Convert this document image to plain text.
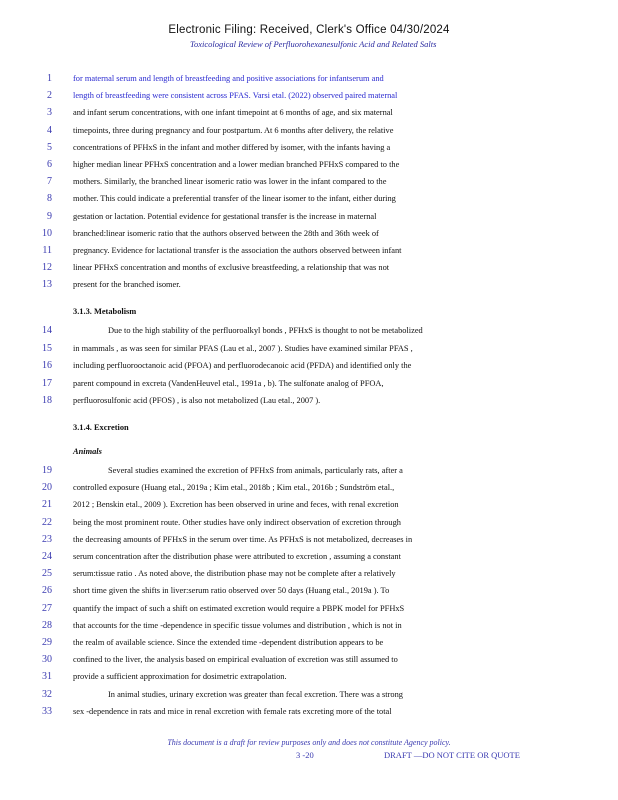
Electronic Filing: Received, Clerk's Office 04/30/2024
Toxicological Review of Perfluorohexanesulfonic Acid and Related Salts
1	for maternal serum and length of breastfeeding and positive associations for infantserum and
2	length of breastfeeding were consistent across PFAS. Varsi etal. (2022) observed paired maternal
3	and infant serum concentrations, with one infant timepoint at 6 months of age, and six maternal
4	timepoints, three during pregnancy and four postpartum. At 6 months after delivery, the relative
5	concentrations of PFHxS in the infant and mother differed by isomer, with the infants having a
6	higher median linear PFHxS concentration and a lower median branched PFHxS compared to the
7	mothers. Similarly, the branched linear isomeric ratio was lower in the infant compared to the
8	mother. This could indicate a preferential transfer of the linear isomer to the infant, either during
9	gestation or lactation. Potential evidence for gestational transfer is the increase in maternal
10	branched:linear isomeric ratio that the authors observed between the 28th and 36th week of
11	pregnancy. Evidence for lactational transfer is the association the authors observed between infant
12	linear PFHxS concentration and months of exclusive breastfeeding, a relationship that was not
13	present for the branched isomer.
3.1.3. Metabolism
14	Due to the high stability of the perfluoroalkyl bonds , PFHxS is thought to not be metabolized
15	in mammals , as was seen for similar PFAS (Lau et al., 2007 ). Studies have examined similar PFAS ,
16	including perfluorooctanoic acid (PFOA) and perfluorodecanoic acid (PFDA) and identified only the
17	parent compound in excreta (VandenHeuvel etal., 1991a , b). The sulfonate analog of PFOA,
18	perfluorosulfonic acid (PFOS) , is also not metabolized (Lau etal., 2007 ).
3.1.4. Excretion
Animals
19	Several studies examined the excretion of PFHxS from animals, particularly rats, after a
20	controlled exposure (Huang etal., 2019a ; Kim etal., 2018b ; Kim etal., 2016b ; Sundström etal.,
21	2012 ; Benskin etal., 2009 ). Excretion has been observed in urine and feces, with renal excretion
22	being the most prominent route. Other studies have only indirect observation of excretion through
23	the decreasing amounts of PFHxS in the serum over time. As PFHxS is not metabolized, decreases in
24	serum concentration after the distribution phase were attributed to excretion , assuming a constant
25	serum:tissue ratio . As noted above, the distribution phase may not be complete after a relatively
26	short time given the shifts in liver:serum ratio observed over 50 days (Huang etal., 2019a ). To
27	quantify the impact of such a shift on estimated excretion would require a PBPK model for PFHxS
28	that accounts for the time -dependence in specific tissue volumes and distribution , which is not in
29	the realm of available science. Since the extended time -dependent distribution appears to be
30	confined to the liver, the analysis based on empirical evaluation of excretion was still assumed to
31	provide a sufficient approximation for dosimetric extrapolation.
32	In animal studies, urinary excretion was greater than fecal excretion. There was a strong
33	sex -dependence in rats and mice in renal excretion with female rats excreting more of the total
This document is a draft for review purposes only and does not constitute Agency policy.
3 -20	DRAFT —DO NOT CITE OR QUOTE
